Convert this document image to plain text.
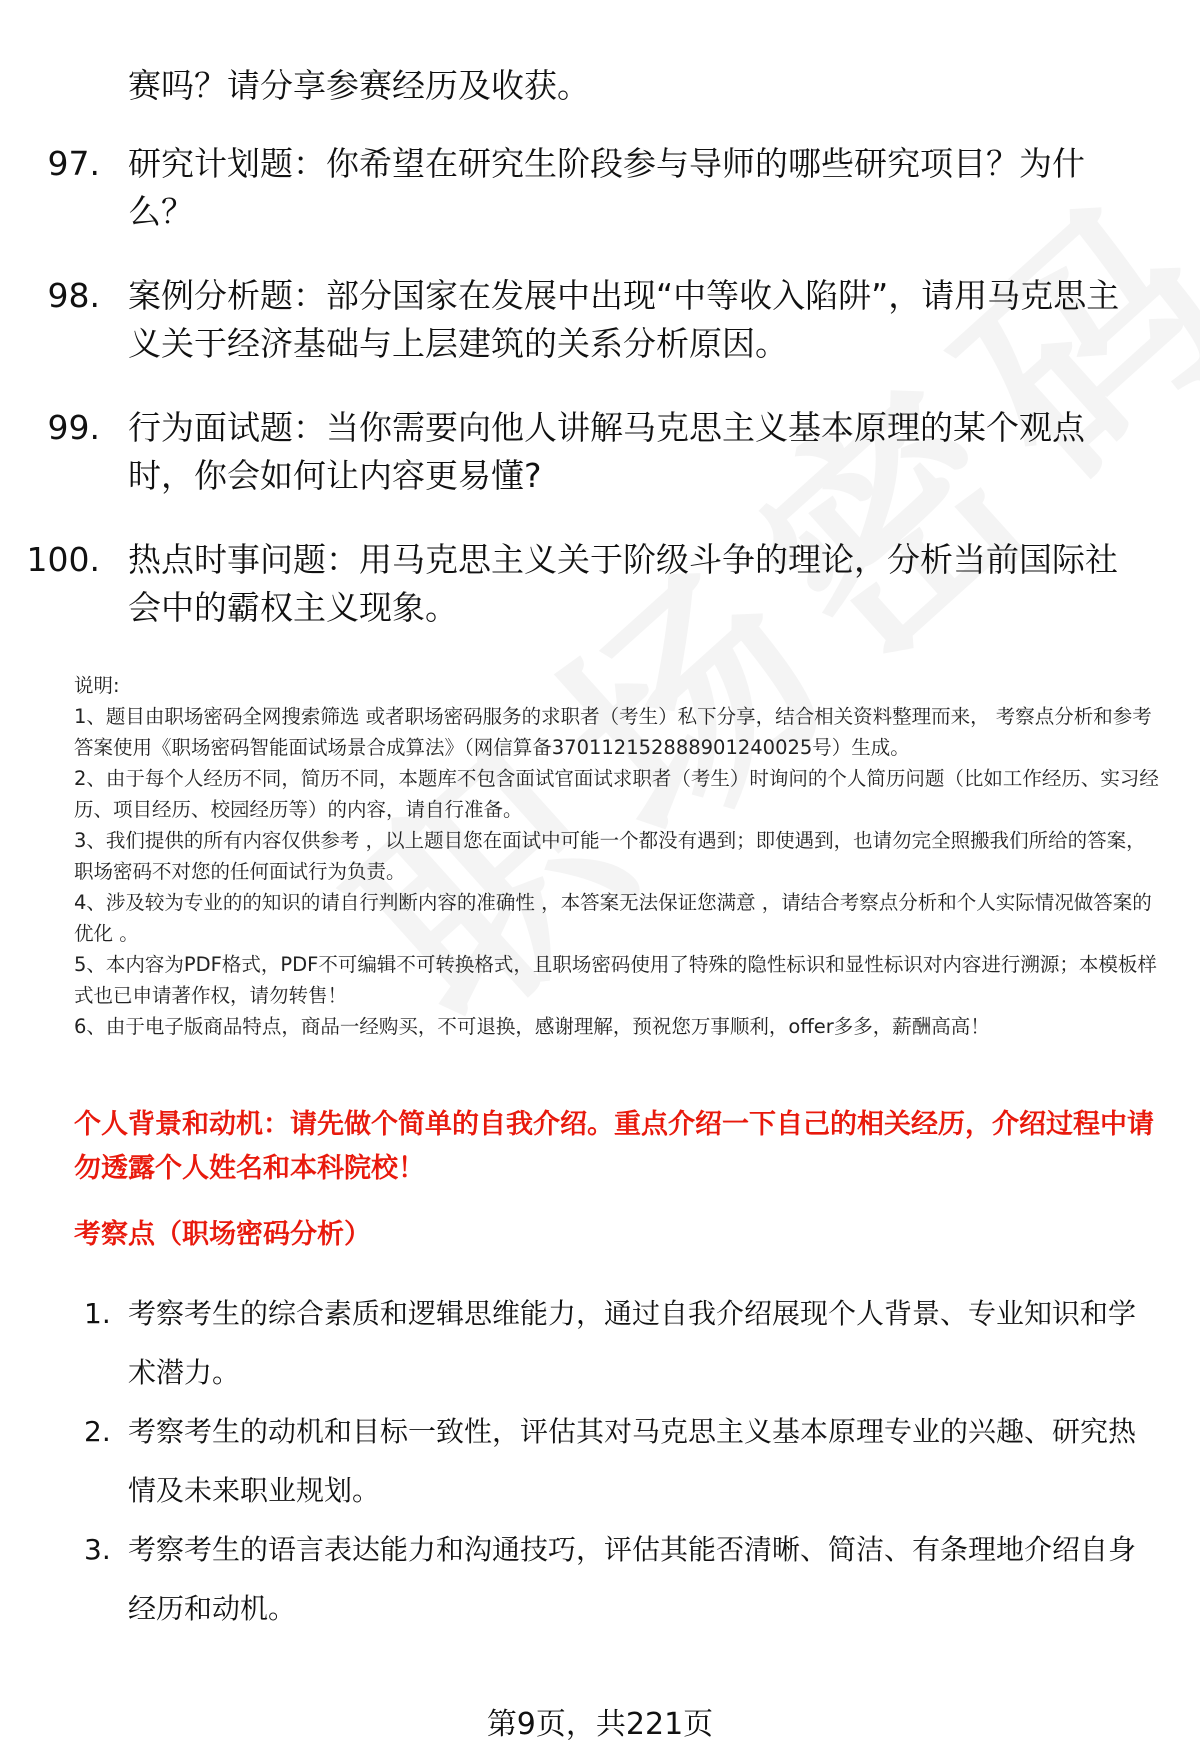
赛吗？请分享参赛经历及收获。
97. 研究计划题：你希望在研究生阶段参与导师的哪些研究项目？为什么？
98. 案例分析题：部分国家在发展中出现“中等收入陷阱”，请用马克思主义关于经济基础与上层建筑的关系分析原因。
99. 行为面试题：当你需要向他人讲解马克思主义基本原理的某个观点时，你会如何让内容更易懂?
100. 热点时事问题：用马克思主义关于阶级斗争的理论，分析当前国际社会中的霸权主义现象。

说明:

1、题目由职场密码全网搜索筛选 或者职场密码服务的求职者（考生）私下分享，结合相关资料整理而来， 考察点分析和参考答案使用《职场密码智能面试场景合成算法》（网信算备370112152888901240025号）生成。

2、由于每个人经历不同，简历不同，本题库不包含面试官面试求职者（考生）时询问的个人简历问题（比如工作经历、实习经历、项目经历、校园经历等）的内容，请自行准备。

3、我们提供的所有内容仅供参考 ，以上题目您在面试中可能一个都没有遇到；即使遇到，也请勿完全照搬我们所给的答案，职场密码不对您的任何面试行为负责。

4、涉及较为专业的的知识的请自行判断内容的准确性 ，本答案无法保证您满意 ，请结合考察点分析和个人实际情况做答案的优化 。

5、本内容为PDF格式，PDF不可编辑不可转换格式，且职场密码使用了特殊的隐性标识和显性标识对内容进行溯源；本模板样式也已申请著作权，请勿转售！

6、由于电子版商品特点，商品一经购买，不可退换，感谢理解，预祝您万事顺利，offer多多，薪酬高高！

个人背景和动机：请先做个简单的自我介绍。重点介绍一下自己的相关经历，介绍过程中请勿透露个人姓名和本科院校！
考察点（职场密码分析）
1. 考察考生的综合素质和逻辑思维能力，通过自我介绍展现个人背景、专业知识和学术潜力。
2. 考察考生的动机和目标一致性，评估其对马克思主义基本原理专业的兴趣、研究热情及未来职业规划。
3. 考察考生的语言表达能力和沟通技巧，评估其能否清晰、简洁、有条理地介绍自身经历和动机。
第9页，共221页
